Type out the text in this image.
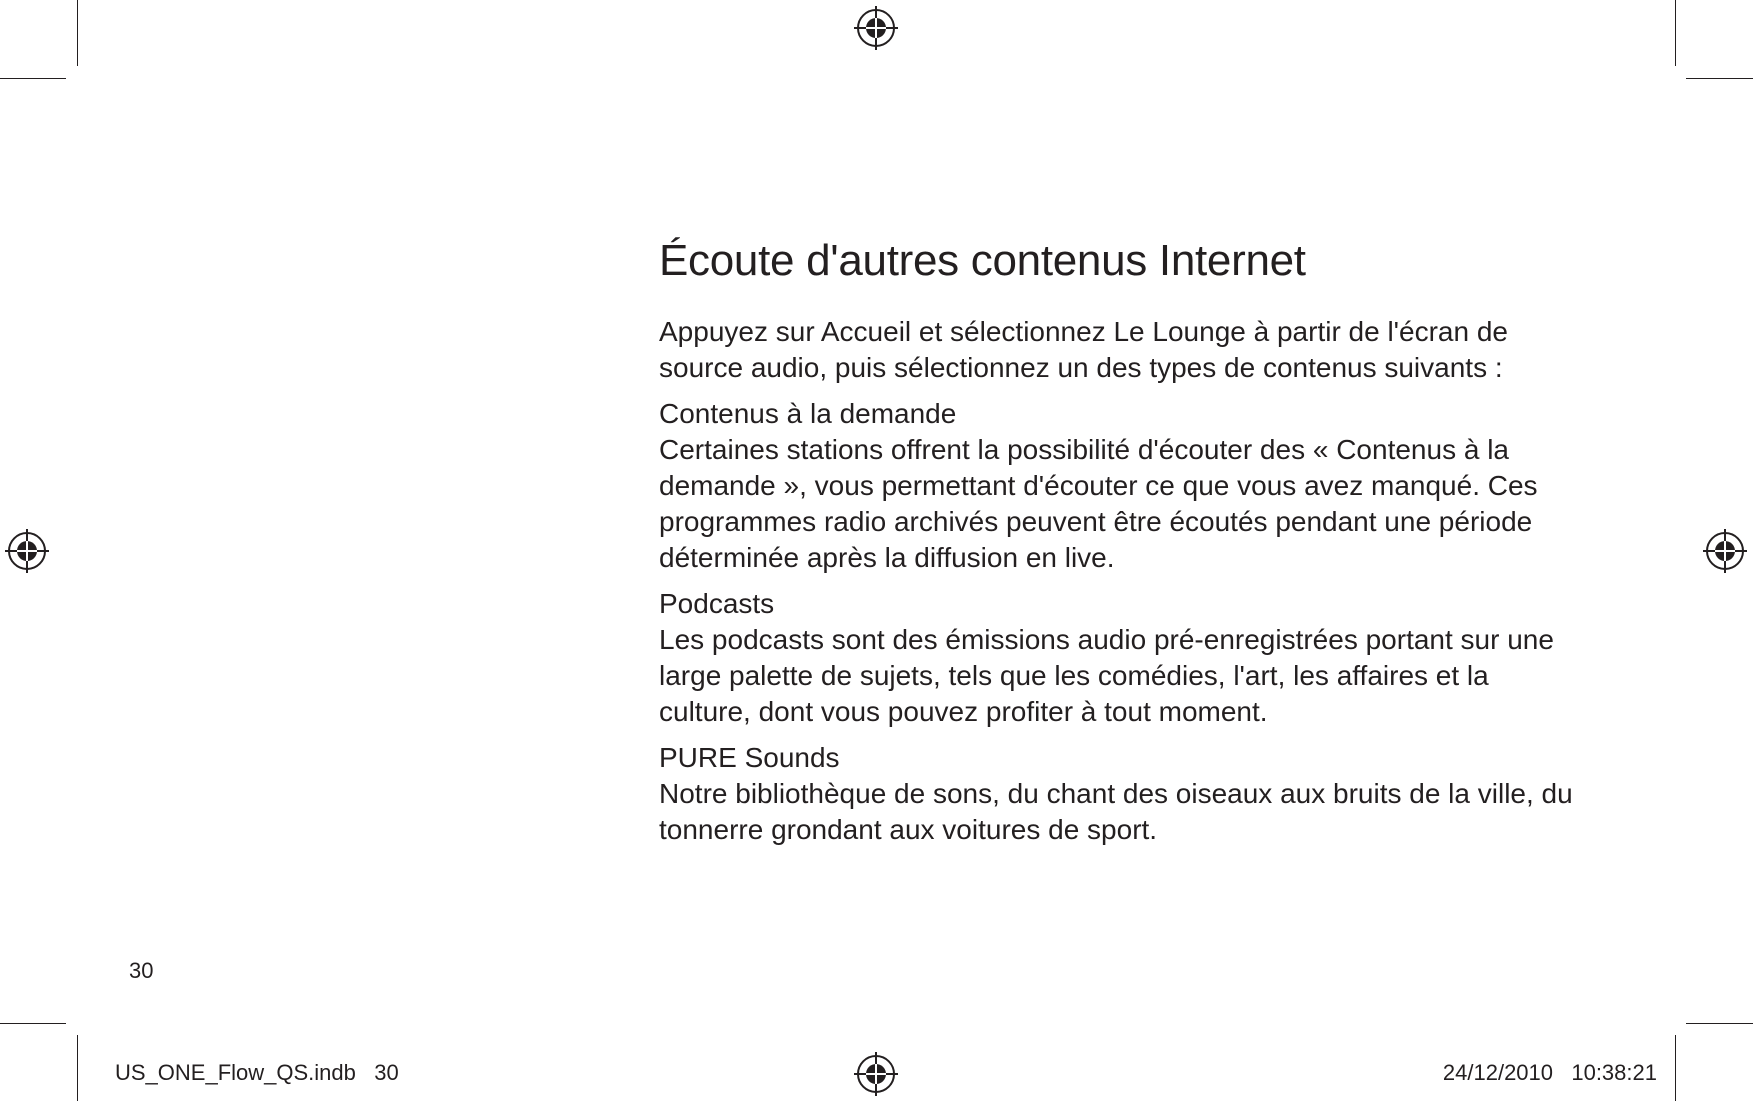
Écoute d'autres contenus Internet

Appuyez sur Accueil et sélectionnez Le Lounge à partir de l'écran de source audio, puis sélectionnez un des types de contenus suivants :

Contenus à la demande

Certaines stations offrent la possibilité d'écouter des « Contenus à la demande », vous permettant d'écouter ce que vous avez manqué. Ces programmes radio archivés peuvent être écoutés pendant une période déterminée après la diffusion en live.

Podcasts

Les podcasts sont des émissions audio pré-enregistrées portant sur une large palette de sujets, tels que les comédies, l'art, les affaires et la culture, dont vous pouvez profiter à tout moment.

PURE Sounds

Notre bibliothèque de sons, du chant des oiseaux aux bruits de la ville, du tonnerre grondant aux voitures de sport.

30
US_ONE_Flow_QS.indb   30	24/12/2010   10:38:21
